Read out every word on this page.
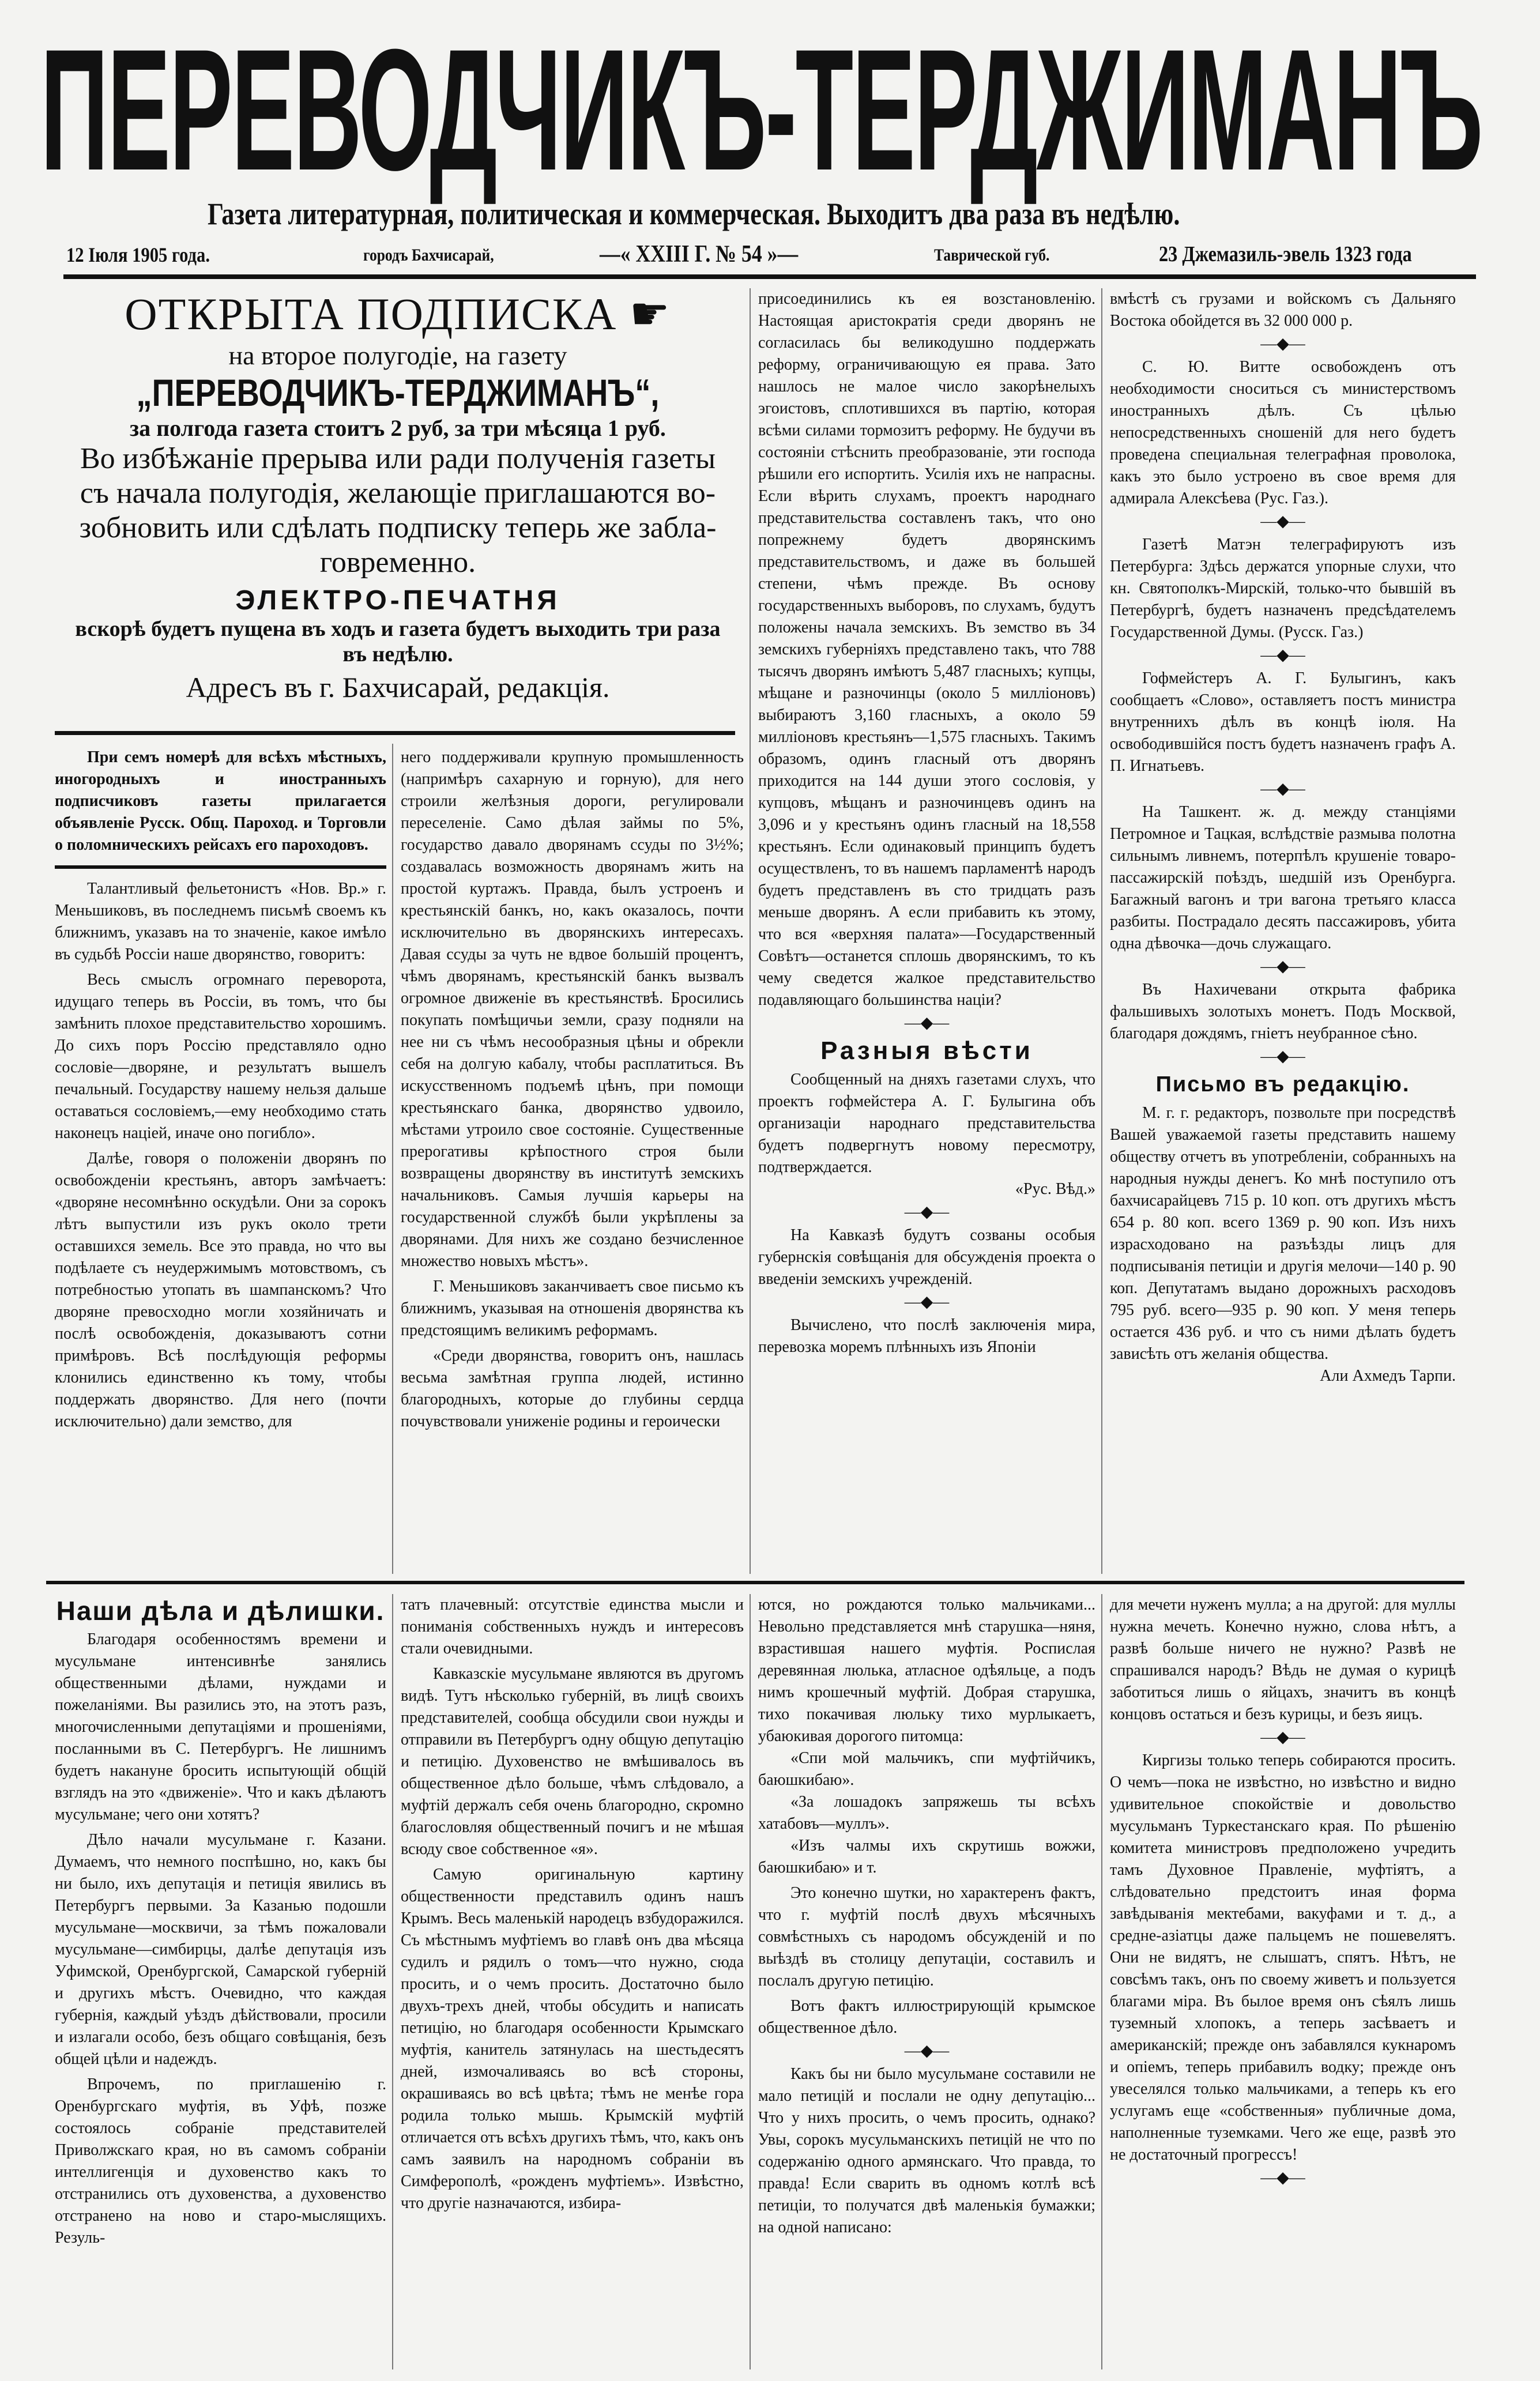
ПЕРЕВОДЧИКЪ-ТЕРДЖИМАНЪ
Газета литературная, политическая и коммерческая. Выходитъ два раза въ недѣлю.
12 Іюля 1905 года.	городъ Бахчисарай,	—« XXIII Г. № 54 »—	Таврической губ.	23 Джемазиль-эвель 1323 года
ОТКРЫТА ПОДПИСКА ☛
на второе полугодіе, на газету
„ПЕРЕВОДЧИКЪ-ТЕРДЖИМАНЪ“,
за полгода газета стоитъ 2 руб, за три мѣсяца 1 руб.
Во избѣжаніе прерыва или ради полученія газеты
съ начала полугодія, желающіе приглашаются во-
зобновить или сдѣлать подписку теперь же забла-
говременно.
ЭЛЕКТРО-ПЕЧАТНЯ
вскорѣ будетъ пущена въ ходъ и газета будетъ выходить три раза
въ недѣлю.
Адресъ въ г. Бахчисарай, редакція.

При семъ номерѣ для всѣхъ мѣстныхъ, иногородныхъ и иностранныхъ подписчиковъ газеты прилагается объявленіе Русск. Общ. Пароход. и Торговли о поломническихъ рейсахъ его пароходовъ.

Талантливый фельетонистъ «Нов. Вр.» г. Меньшиковъ, въ последнемъ письмѣ своемъ къ ближнимъ, указавъ на то значеніе, какое имѣло въ судьбѣ Россіи наше дворянство, говоритъ:

Весь смыслъ огромнаго переворота, идущаго теперь въ Россіи, въ томъ, что бы замѣнить плохое представительство хорошимъ. До сихъ поръ Россію представляло одно сословіе—дворяне, и результатъ вышелъ печальный. Государству нашему нельзя дальше оставаться сословіемъ,—ему необходимо стать наконецъ націей, иначе оно погибло».

Далѣе, говоря о положеніи дворянъ по освобожденіи крестьянъ, авторъ замѣчаетъ: «дворяне несомнѣнно оскудѣли. Они за сорокъ лѣтъ выпустили изъ рукъ около трети оставшихся земель. Все это правда, но что вы подѣлаете съ неудержимымъ мотовствомъ, съ потребностью утопать въ шампанскомъ? Что дворяне превосходно могли хозяйничать и послѣ освобожденія, доказываютъ сотни примѣровъ. Всѣ послѣдующія реформы клонились единственно къ тому, чтобы поддержать дворянство. Для него (почти исключительно) дали земство, для

него поддерживали крупную промышленность (напримѣръ сахарную и горную), для него строили желѣзныя дороги, регулировали переселеніе. Само дѣлая займы по 5%, государство давало дворянамъ ссуды по 3½%; создавалась возможность дворянамъ жить на простой куртажъ. Правда, былъ устроенъ и крестьянскій банкъ, но, какъ оказалось, почти исключительно въ дворянскихъ интересахъ. Давая ссуды за чуть не вдвое большій процентъ, чѣмъ дворянамъ, крестьянскій банкъ вызвалъ огромное движеніе въ крестьянствѣ. Бросились покупать помѣщичьи земли, сразу подняли на нее ни съ чѣмъ несообразныя цѣны и обрекли себя на долгую кабалу, чтобы расплатиться. Въ искусственномъ подъемѣ цѣнъ, при помощи крестьянскаго банка, дворянство удвоило, мѣстами утроило свое состояніе. Существенные прерогативы крѣпостного строя были возвращены дворянству въ институтѣ земскихъ начальниковъ. Самыя лучшія карьеры на государственной службѣ были укрѣплены за дворянами. Для нихъ же создано безчисленное множество новыхъ мѣстъ».

Г. Меньшиковъ заканчиваетъ свое письмо къ ближнимъ, указывая на отношенія дворянства къ предстоящимъ великимъ реформамъ.

«Среди дворянства, говоритъ онъ, нашлась весьма замѣтная группа людей, истинно благородныхъ, которые до глубины сердца почувствовали униженіе родины и героически

присоединились къ ея возстановленію. Настоящая аристократія среди дворянъ не согласилась бы великодушно поддержать реформу, ограничивающую ея права. Зато нашлось не малое число закорѣнелыхъ эгоистовъ, сплотившихся въ партію, которая всѣми силами тормозитъ реформу. Не будучи въ состояніи стѣснить преобразованіе, эти господа рѣшили его испортить. Усилія ихъ не напрасны. Если вѣрить слухамъ, проектъ народнаго представительства составленъ такъ, что оно попрежнему будетъ дворянскимъ представительствомъ, и даже въ большей степени, чѣмъ прежде. Въ основу государственныхъ выборовъ, по слухамъ, будутъ положены начала земскихъ. Въ земство въ 34 земскихъ губерніяхъ представлено такъ, что 788 тысячъ дворянъ имѣютъ 5,487 гласныхъ; купцы, мѣщане и разночинцы (около 5 милліоновъ) выбираютъ 3,160 гласныхъ, а около 59 милліоновъ крестьянъ—1,575 гласныхъ. Такимъ образомъ, одинъ гласный отъ дворянъ приходится на 144 души этого сословія, у купцовъ, мѣщанъ и разночинцевъ одинъ на 3,096 и у крестьянъ одинъ гласный на 18,558 крестьянъ. Если одинаковый принципъ будетъ осуществленъ, то въ нашемъ парламентѣ народъ будетъ представленъ въ сто тридцать разъ меньше дворянъ. А если прибавить къ этому, что вся «верхняя палата»—Государственный Совѣтъ—останется сплошь дворянскимъ, то къ чему сведется жалкое представительство подавляющаго большинства націи?

—◆—
Разныя вѣсти

Сообщенный на дняхъ газетами слухъ, что проектъ гофмейстера А. Г. Булыгина объ организаціи народнаго представительства будетъ подвергнутъ новому пересмотру, подтверждается.

«Рус. Вѣд.»

—◆—

На Кавказѣ будутъ созваны особыя губернскія совѣщанія для обсужденія проекта о введеніи земскихъ учрежденій.

—◆—

Вычислено, что послѣ заключенія мира, перевозка моремъ плѣнныхъ изъ Японіи

вмѣстѣ съ грузами и войскомъ съ Дальняго Востока обойдется въ 32 000 000 р.

—◆—

С. Ю. Витте освобожденъ отъ необходимости сноситься съ министерствомъ иностранныхъ дѣлъ. Съ цѣлью непосредственныхъ сношеній для него будетъ проведена специальная телеграфная проволока, какъ это было устроено въ свое время для адмирала Алексѣева (Рус. Газ.).

—◆—

Газетѣ Матэн телеграфируютъ изъ Петербурга: Здѣсь держатся упорные слухи, что кн. Святополкъ-Мирскій, только-что бывшій въ Петербургѣ, будетъ назначенъ предсѣдателемъ Государственной Думы. (Русск. Газ.)

—◆—

Гофмейстеръ А. Г. Булыгинъ, какъ сообщаетъ «Слово», оставляетъ постъ министра внутреннихъ дѣлъ въ концѣ іюля. На освободившійся постъ будетъ назначенъ графъ А. П. Игнатьевъ.

—◆—

На Ташкент. ж. д. между станціями Петромное и Тацкая, вслѣдствіе размыва полотна сильнымъ ливнемъ, потерпѣлъ крушеніе товаро-пассажирскій поѣздъ, шедшій изъ Оренбурга. Багажный вагонъ и три вагона третьяго класса разбиты. Пострадало десять пассажировъ, убита одна дѣвочка—дочь служащаго.

—◆—

Въ Нахичевани открыта фабрика фальшивыхъ золотыхъ монетъ. Подъ Москвой, благодаря дождямъ, гніетъ неубранное сѣно.

—◆—
Письмо въ редакцію.

М. г. г. редакторъ, позвольте при посредствѣ Вашей уважаемой газеты представить нашему обществу отчетъ въ употребленіи, собранныхъ на народныя нужды денегъ. Ко мнѣ поступило отъ бахчисарайцевъ 715 р. 10 коп. отъ другихъ мѣстъ 654 р. 80 коп. всего 1369 р. 90 коп. Изъ нихъ израсходовано на разъѣзды лицъ для подписыванія петиціи и другія мелочи—140 р. 90 коп. Депутатамъ выдано дорожныхъ расходовъ 795 руб. всего—935 р. 90 коп. У меня теперь остается 436 руб. и что съ ними дѣлать будетъ зависѣть отъ желанія общества.

Али Ахмедъ Тарпи.

Наши дѣла и дѣлишки.

Благодаря особенностямъ времени и мусульмане интенсивнѣе занялись общественными дѣлами, нуждами и пожеланіями. Вы разились это, на этотъ разъ, многочисленными депутаціями и прошеніями, посланными въ С. Петербургъ. Не лишнимъ будетъ накануне бросить испытующій общій взглядъ на это «движеніе». Что и какъ дѣлаютъ мусульмане; чего они хотятъ?

Дѣло начали мусульмане г. Казани. Думаемъ, что немного поспѣшно, но, какъ бы ни было, ихъ депутація и петиція явились въ Петербургъ первыми. За Казанью подошли мусульмане—москвичи, за тѣмъ пожаловали мусульмане—симбирцы, далѣе депутація изъ Уфимской, Оренбургской, Самарской губерній и другихъ мѣстъ. Очевидно, что каждая губернія, каждый уѣздъ дѣйствовали, просили и излагали особо, безъ общаго совѣщанія, безъ общей цѣли и надеждъ.

Впрочемъ, по приглашенію г. Оренбургскаго муфтія, въ Уфѣ, позже состоялось собраніе представителей Приволжскаго края, но въ самомъ собраніи интеллигенція и духовенство какъ то отстранились отъ духовенства, а духовенство отстранено на ново и старо-мыслящихъ. Резуль-

татъ плачевный: отсутствіе единства мысли и пониманія собственныхъ нуждъ и интересовъ стали очевидными.

Кавказскіе мусульмане являются въ другомъ видѣ. Тутъ нѣсколько губерній, въ лицѣ своихъ представителей, сообща обсудили свои нужды и отправили въ Петербургъ одну общую депутацію и петицію. Духовенство не вмѣшивалось въ общественное дѣло больше, чѣмъ слѣдовало, а муфтій держалъ себя очень благородно, скромно благословляя общественный почигъ и не мѣшая всюду свое собственное «я».

Самую оригинальную картину общественности представилъ одинъ нашъ Крымъ. Весь маленькій народецъ взбудоражился. Съ мѣстнымъ муфтіемъ во главѣ онъ два мѣсяца судилъ и рядилъ о томъ—что нужно, сюда просить, и о чемъ просить. Достаточно было двухъ-трехъ дней, чтобы обсудить и написать петицію, но благодаря особенности Крымскаго муфтія, канитель затянулась на шестьдесятъ дней, измочаливаясь во всѣ стороны, окрашиваясь во всѣ цвѣта; тѣмъ не менѣе гора родила только мышь. Крымскій муфтій отличается отъ всѣхъ другихъ тѣмъ, что, какъ онъ самъ заявилъ на народномъ собраніи въ Симферополѣ, «рожденъ муфтіемъ». Извѣстно, что другіе назначаются, избира-

ются, но рождаются только мальчиками... Невольно представляется мнѣ старушка—няня, взрастившая нашего муфтія. Роспислая деревянная люлька, атласное одѣяльце, а подъ нимъ крошечный муфтій. Добрая старушка, тихо покачивая люльку тихо мурлыкаетъ, убаюкивая дорогого питомца:

«Спи мой мальчикъ, спи муфтійчикъ, баюшкибаю».

«За лошадокъ запряжешь ты всѣхъ хатабовъ—муллъ».

«Изъ чалмы ихъ скрутишь вожжи, баюшкибаю» и т.

Это конечно шутки, но характеренъ фактъ, что г. муфтій послѣ двухъ мѣсячныхъ совмѣстныхъ съ народомъ обсужденій и по выѣздѣ въ столицу депутаціи, составилъ и послалъ другую петицію.

Вотъ фактъ иллюстрирующій крымское общественное дѣло.

—◆—

Какъ бы ни было мусульмане составили не мало петицій и послали не одну депутацію... Что у нихъ просить, о чемъ просить, однако? Увы, сорокъ мусульманскихъ петицій не что по содержанію одного армянскаго. Что правда, то правда! Если сварить въ одномъ котлѣ всѣ петиціи, то получатся двѣ маленькія бумажки; на одной написано:

для мечети нуженъ мулла; а на другой: для муллы нужна мечеть. Конечно нужно, слова нѣтъ, а развѣ больше ничего не нужно? Развѣ не спрашивался народъ? Вѣдь не думая о курицѣ заботиться лишь о яйцахъ, значитъ въ концѣ концовъ остаться и безъ курицы, и безъ яицъ.

—◆—

Киргизы только теперь собираются просить. О чемъ—пока не извѣстно, но извѣстно и видно удивительное спокойствіе и довольство мусульманъ Туркестанскаго края. По рѣшенію комитета министровъ предположено учредить тамъ Духовное Правленіе, муфтіятъ, а слѣдовательно предстоитъ иная форма завѣдыванія мектебами, вакуфами и т. д., а средне-азіатцы даже пальцемъ не пошевелятъ. Они не видятъ, не слышатъ, спятъ. Нѣтъ, не совсѣмъ такъ, онъ по своему живетъ и пользуется благами міра. Въ былое время онъ сѣялъ лишь туземный хлопокъ, а теперь засѣваетъ и американскій; прежде онъ забавлялся кукнаромъ и опіемъ, теперь прибавилъ водку; прежде онъ увеселялся только мальчиками, а теперь къ его услугамъ еще «собственныя» публичные дома, наполненные туземками. Чего же еще, развѣ это не достаточный прогрессъ!

—◆—
